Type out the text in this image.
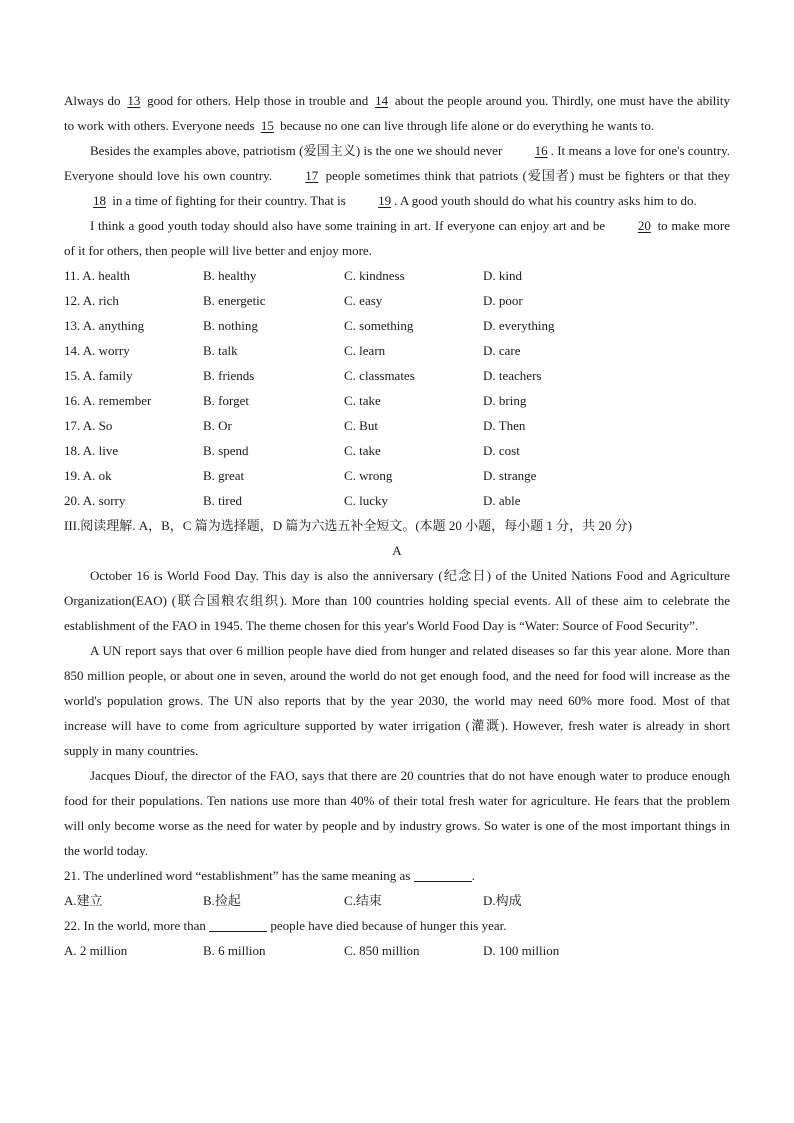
Always do 13 good for others. Help those in trouble and 14 about the people around you. Thirdly, one must have the ability to work with others. Everyone needs 15 because no one can live through life alone or do everything he wants to.

Besides the examples above, patriotism (爱国主义) is the one we should never 16 . It means a love for one's country. Everyone should love his own country. 17 people sometimes think that patriots (爱国者) must be fighters or that they 18 in a time of fighting for their country. That is 19 . A good youth should do what his country asks him to do.

I think a good youth today should also have some training in art. If everyone can enjoy art and be 20 to make more of it for others, then people will live better and enjoy more.

11. A. health	B. healthy	C. kindness	D. kind
12. A. rich	B. energetic	C. easy	D. poor
13. A. anything	B. nothing	C. something	D. everything
14. A. worry	B. talk	C. learn	D. care
15. A. family	B. friends	C. classmates	D. teachers
16. A. remember	B. forget	C. take	D. bring
17. A. So	B. Or	C. But	D. Then
18. A. live	B. spend	C. take	D. cost
19. A. ok	B. great	C. wrong	D. strange
20. A. sorry	B. tired	C. lucky	D. able

III.阅读理解. A，B，C 篇为选择题，D 篇为六选五补全短文。(本题 20 小题，每小题 1 分，共 20 分)

A

October 16 is World Food Day. This day is also the anniversary (纪念日) of the United Nations Food and Agriculture Organization(EAO) (联合国粮农组织). More than 100 countries holding special events. All of these aim to celebrate the establishment of the FAO in 1945. The theme chosen for this year's World Food Day is “Water: Source of Food Security”.

A UN report says that over 6 million people have died from hunger and related diseases so far this year alone. More than 850 million people, or about one in seven, around the world do not get enough food, and the need for food will increase as the world's population grows. The UN also reports that by the year 2030, the world may need 60% more food. Most of that increase will have to come from agriculture supported by water irrigation (灌溉). However, fresh water is already in short supply in many countries.

Jacques Diouf, the director of the FAO, says that there are 20 countries that do not have enough water to produce enough food for their populations. Ten nations use more than 40% of their total fresh water for agriculture. He fears that the problem will only become worse as the need for water by people and by industry grows. So water is one of the most important things in the world today.

21. The underlined word “establishment” has the same meaning as	.

A.建立	B.捡起	C.结束	D.构成

22. In the world, more than	people have died because of hunger this year.

A. 2 million	B. 6 million	C. 850 million	D. 100 million
